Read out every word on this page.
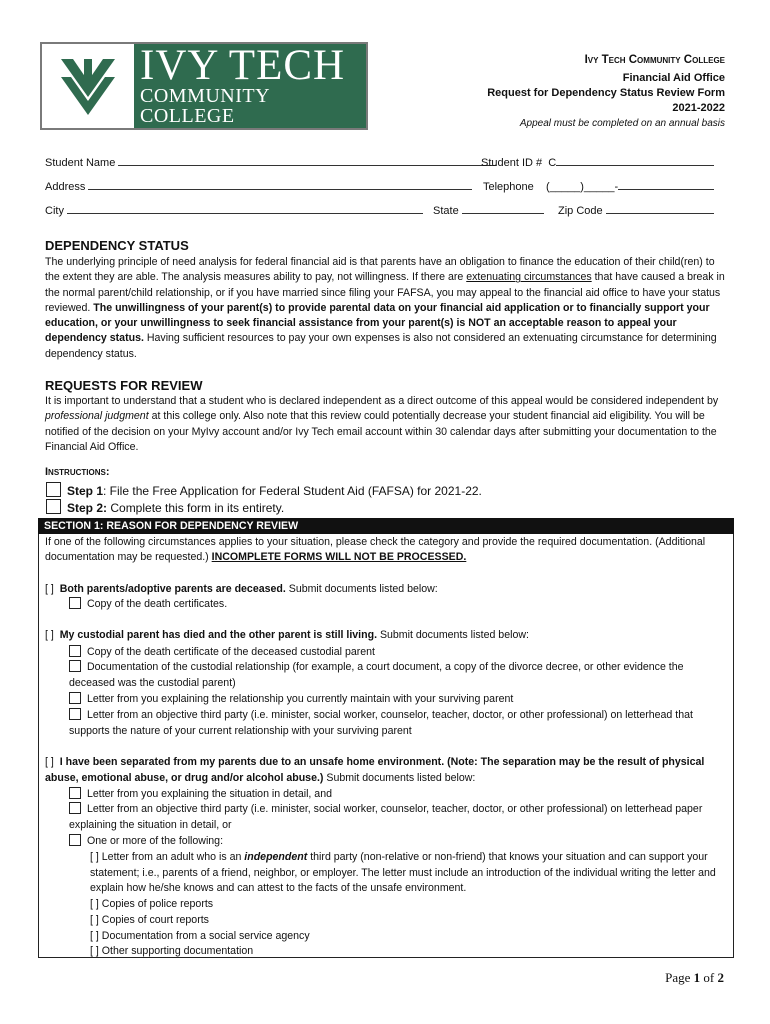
IVY TECH
COMMUNITY COLLEGE
Ivy Tech Community College
Financial Aid Office
Request for Dependency Status Review Form
2021-2022
Appeal must be completed on an annual basis
Student Name	Student ID # C
Address	Telephone (_____)_____-
City	State	Zip Code
DEPENDENCY STATUS
The underlying principle of need analysis for federal financial aid is that parents have an obligation to finance the education of their child(ren) to the extent they are able. The analysis measures ability to pay, not willingness. If there are extenuating circumstances that have caused a break in the normal parent/child relationship, or if you have married since filing your FAFSA, you may appeal to the financial aid office to have your status reviewed. The unwillingness of your parent(s) to provide parental data on your financial aid application or to financially support your education, or your unwillingness to seek financial assistance from your parent(s) is NOT an acceptable reason to appeal your dependency status. Having sufficient resources to pay your own expenses is also not considered an extenuating circumstance for determining dependency status.
REQUESTS FOR REVIEW
It is important to understand that a student who is declared independent as a direct outcome of this appeal would be considered independent by professional judgment at this college only. Also note that this review could potentially decrease your student financial aid eligibility. You will be notified of the decision on your MyIvy account and/or Ivy Tech email account within 30 calendar days after submitting your documentation to the Financial Aid Office.
Instructions:
Step 1: File the Free Application for Federal Student Aid (FAFSA) for 2021-22.
Step 2: Complete this form in its entirety.
SECTION 1: REASON FOR DEPENDENCY REVIEW
If one of the following circumstances applies to your situation, please check the category and provide the required documentation. (Additional documentation may be requested.) INCOMPLETE FORMS WILL NOT BE PROCESSED.
[ ] Both parents/adoptive parents are deceased. Submit documents listed below:
Copy of the death certificates.
[ ] My custodial parent has died and the other parent is still living. Submit documents listed below:
Copy of the death certificate of the deceased custodial parent
Documentation of the custodial relationship (for example, a court document, a copy of the divorce decree, or other evidence the deceased was the custodial parent)
Letter from you explaining the relationship you currently maintain with your surviving parent
Letter from an objective third party (i.e. minister, social worker, counselor, teacher, doctor, or other professional) on letterhead that supports the nature of your current relationship with your surviving parent
[ ] I have been separated from my parents due to an unsafe home environment. (Note: The separation may be the result of physical abuse, emotional abuse, or drug and/or alcohol abuse.) Submit documents listed below:
Letter from you explaining the situation in detail, and
Letter from an objective third party (i.e. minister, social worker, counselor, teacher, doctor, or other professional) on letterhead paper explaining the situation in detail, or
One or more of the following:
[ ] Letter from an adult who is an independent third party (non-relative or non-friend) that knows your situation and can support your statement; i.e., parents of a friend, neighbor, or employer. The letter must include an introduction of the individual writing the letter and explain how he/she knows and can attest to the facts of the unsafe environment.
[ ] Copies of police reports
[ ] Copies of court reports
[ ] Documentation from a social service agency
[ ] Other supporting documentation
Page 1 of 2
